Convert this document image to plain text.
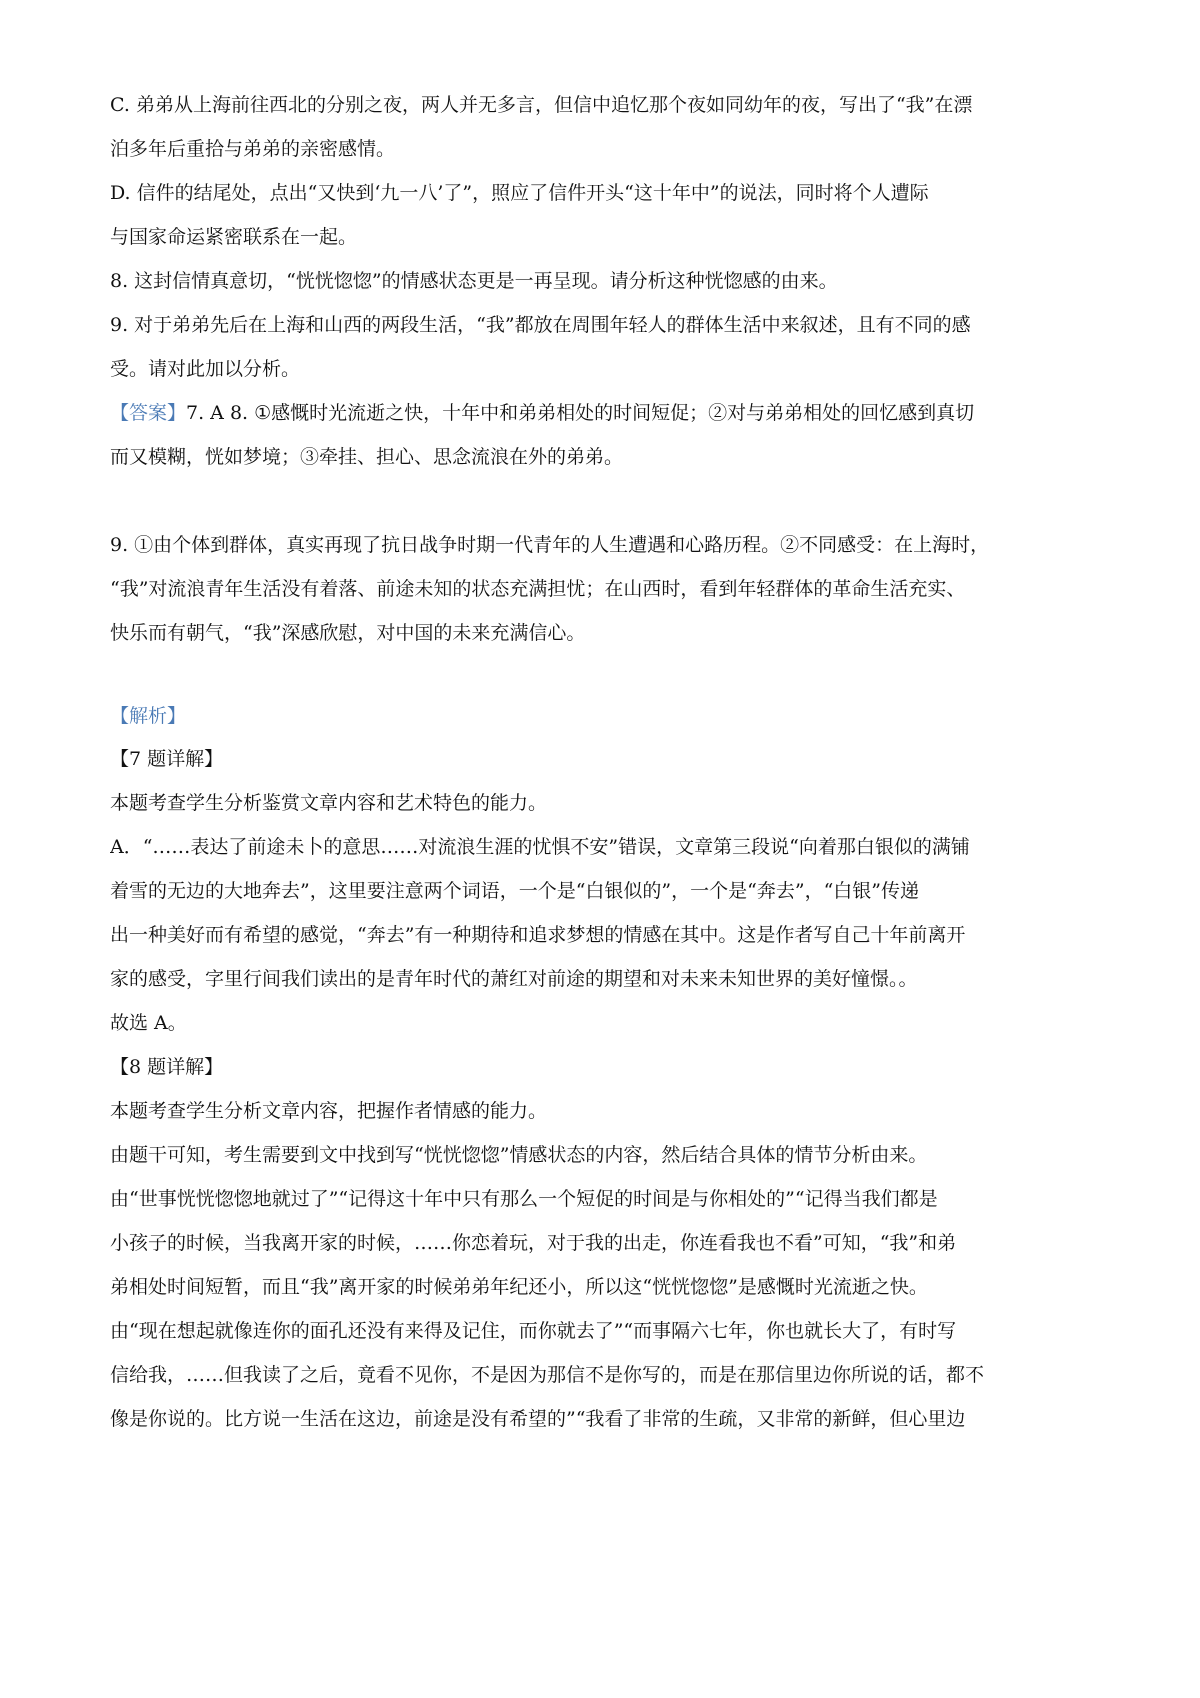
C. 弟弟从上海前往西北的分别之夜，两人并无多言，但信中追忆那个夜如同幼年的夜，写出了“我”在漂
泊多年后重拾与弟弟的亲密感情。
D. 信件的结尾处，点出“又快到‘九一八’了”，照应了信件开头“这十年中”的说法，同时将个人遭际
与国家命运紧密联系在一起。
8. 这封信情真意切，“恍恍惚惚”的情感状态更是一再呈现。请分析这种恍惚感的由来。
9. 对于弟弟先后在上海和山西的两段生活，“我”都放在周围年轻人的群体生活中来叙述，且有不同的感
受。请对此加以分析。
【答案】7. A 8. ①感慨时光流逝之快，十年中和弟弟相处的时间短促；②对与弟弟相处的回忆感到真切
而又模糊，恍如梦境；③牵挂、担心、思念流浪在外的弟弟。
9. ①由个体到群体，真实再现了抗日战争时期一代青年的人生遭遇和心路历程。②不同感受：在上海时，
“我”对流浪青年生活没有着落、前途未知的状态充满担忧；在山西时，看到年轻群体的革命生活充实、
快乐而有朝气，“我”深感欣慰，对中国的未来充满信心。
【解析】
【7 题详解】
本题考查学生分析鉴赏文章内容和艺术特色的能力。
A．“……表达了前途未卜的意思……对流浪生涯的忧惧不安”错误，文章第三段说“向着那白银似的满铺
着雪的无边的大地奔去”，这里要注意两个词语，一个是“白银似的”，一个是“奔去”，“白银”传递
出一种美好而有希望的感觉，“奔去”有一种期待和追求梦想的情感在其中。这是作者写自己十年前离开
家的感受，字里行间我们读出的是青年时代的萧红对前途的期望和对未来未知世界的美好憧憬。。
故选 A。
【8 题详解】
本题考查学生分析文章内容，把握作者情感的能力。
由题干可知，考生需要到文中找到写“恍恍惚惚”情感状态的内容，然后结合具体的情节分析由来。
由“世事恍恍惚惚地就过了”“记得这十年中只有那么一个短促的时间是与你相处的”“记得当我们都是
小孩子的时候，当我离开家的时候，……你恋着玩，对于我的出走，你连看我也不看”可知，“我”和弟
弟相处时间短暂，而且“我”离开家的时候弟弟年纪还小，所以这“恍恍惚惚”是感慨时光流逝之快。
由“现在想起就像连你的面孔还没有来得及记住，而你就去了”“而事隔六七年，你也就长大了，有时写
信给我，……但我读了之后，竟看不见你，不是因为那信不是你写的，而是在那信里边你所说的话，都不
像是你说的。比方说一生活在这边，前途是没有希望的”“我看了非常的生疏，又非常的新鲜，但心里边
